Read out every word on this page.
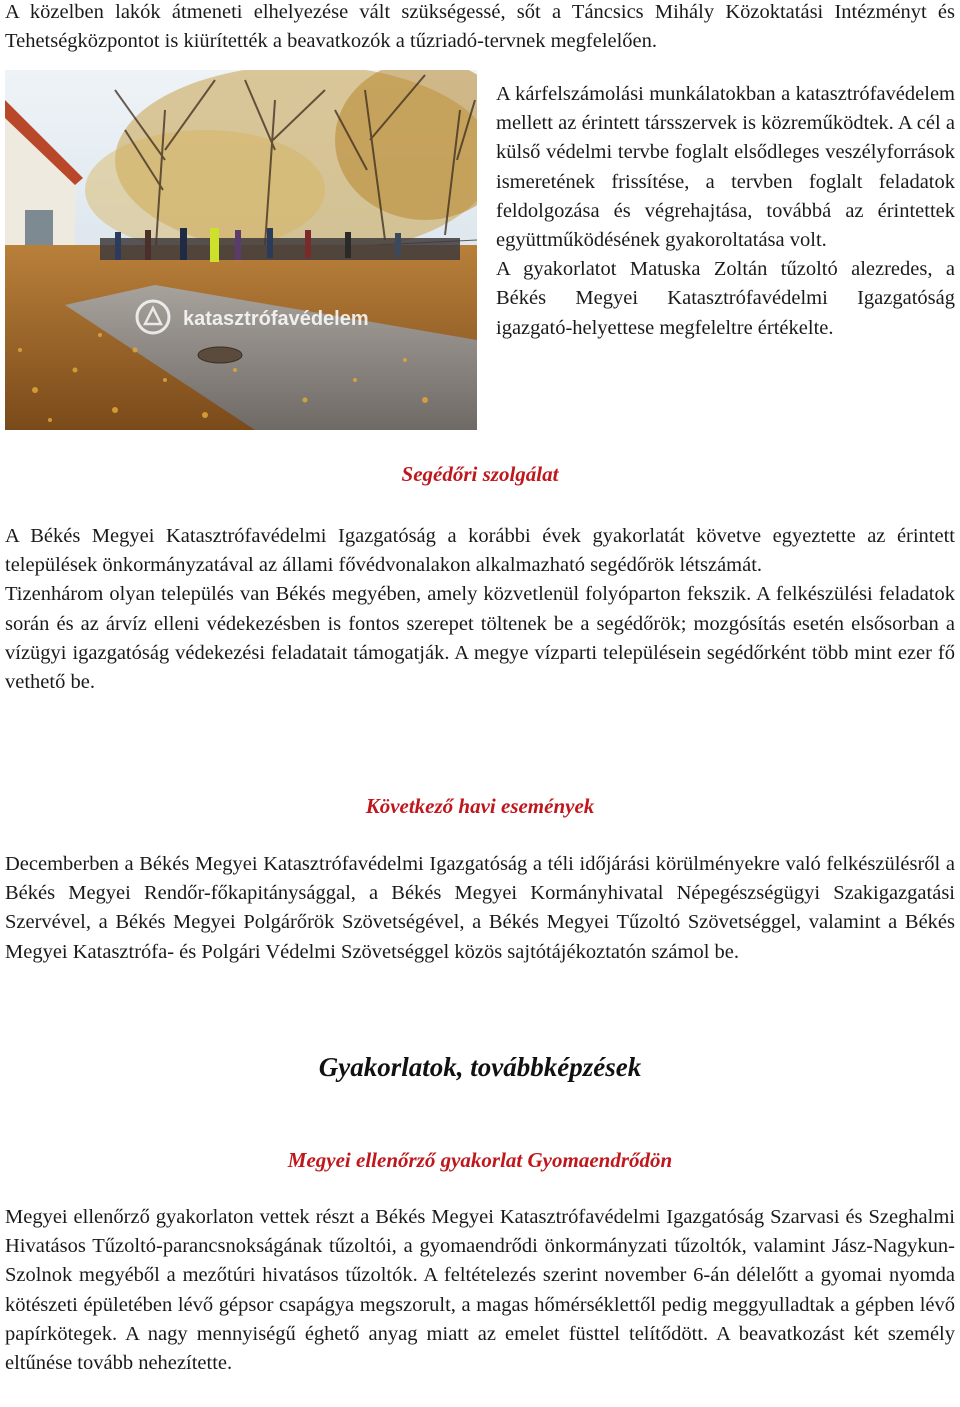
A közelben lakók átmeneti elhelyezése vált szükségessé, sőt a Táncsics Mihály Közoktatási Intézményt és Tehetségközpontot is kiürítették a beavatkozók a tűzriadó-tervnek megfelelően.

katasztrófavédelem

A kárfelszámolási munkálatokban a katasztrófavédelem mellett az érintett társszervek is közreműködtek. A cél a külső védelmi tervbe foglalt elsődleges veszélyforrások ismeretének frissítése, a tervben foglalt feladatok feldolgozása és végrehajtása, továbbá az érintettek együttműködésének gyakoroltatása volt.

A gyakorlatot Matuska Zoltán tűzoltó alezredes, a Békés Megyei Katasztrófavédelmi Igazgatóság igazgató-helyettese megfeleltre értékelte.

Segédőri szolgálat

A Békés Megyei Katasztrófavédelmi Igazgatóság a korábbi évek gyakorlatát követve egyeztette az érintett települések önkormányzatával az állami fővédvonalakon alkalmazható segédőrök létszámát.

Tizenhárom olyan település van Békés megyében, amely közvetlenül folyóparton fekszik. A felkészülési feladatok során és az árvíz elleni védekezésben is fontos szerepet töltenek be a segédőrök; mozgósítás esetén elsősorban a vízügyi igazgatóság védekezési feladatait támogatják. A megye vízparti településein segédőrként több mint ezer fő vethető be.

Következő havi események

Decemberben a Békés Megyei Katasztrófavédelmi Igazgatóság a téli időjárási körülményekre való felkészülésről a Békés Megyei Rendőr-főkapitánysággal, a Békés Megyei Kormányhivatal Népegészségügyi Szakigazgatási Szervével, a Békés Megyei Polgárőrök Szövetségével, a Békés Megyei Tűzoltó Szövetséggel, valamint a Békés Megyei Katasztrófa- és Polgári Védelmi Szövetséggel közös sajtótájékoztatón számol be.

Gyakorlatok, továbbképzések
Megyei ellenőrző gyakorlat Gyomaendrődön

Megyei ellenőrző gyakorlaton vettek részt a Békés Megyei Katasztrófavédelmi Igazgatóság Szarvasi és Szeghalmi Hivatásos Tűzoltó-parancsnokságának tűzoltói, a gyomaendrődi önkormányzati tűzoltók, valamint Jász-Nagykun-Szolnok megyéből a mezőtúri hivatásos tűzoltók. A feltételezés szerint november 6-án délelőtt a gyomai nyomda kötészeti épületében lévő gépsor csapágya megszorult, a magas hőmérséklettől pedig meggyulladtak a gépben lévő papírkötegek. A nagy mennyiségű éghető anyag miatt az emelet füsttel telítődött. A beavatkozást két személy eltűnése tovább nehezítette.
